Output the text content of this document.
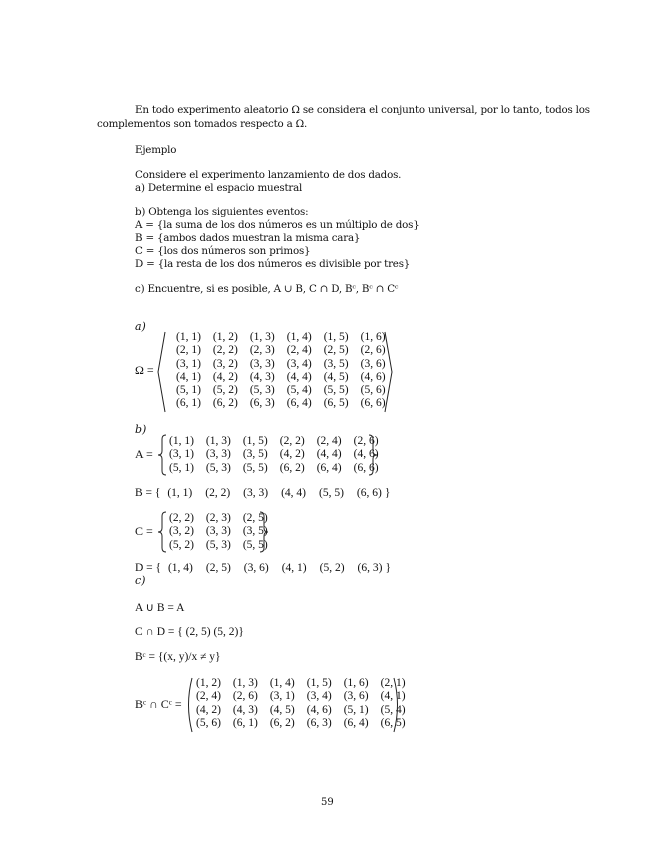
En todo experimento aleatorio Ω se considera el conjunto universal, por lo tanto, todos los
complementos son tomados respecto a Ω.
Ejemplo
Considere el experimento lanzamiento de dos dados.
a) Determine el espacio muestral
b) Obtenga los siguientes eventos:
A = {la suma de los dos números es un múltiplo de dos}
B = {ambos dados muestran la misma cara}
C = {los dos números son primos}
D = {la resta de los dos números es divisible por tres}
c) Encuentre, si es posible, A ∪ B, C ∩ D, Bᶜ, Bᶜ ∩ Cᶜ
a)
Ω =
(1, 1)	(1, 2)	(1, 3)	(1, 4)	(1, 5)	(1, 6)
(2, 1)	(2, 2)	(2, 3)	(2, 4)	(2, 5)	(2, 6)
(3, 1)	(3, 2)	(3, 3)	(3, 4)	(3, 5)	(3, 6)
(4, 1)	(4, 2)	(4, 3)	(4, 4)	(4, 5)	(4, 6)
(5, 1)	(5, 2)	(5, 3)	(5, 4)	(5, 5)	(5, 6)
(6, 1)	(6, 2)	(6, 3)	(6, 4)	(6, 5)	(6, 6)
b)
A =
(1, 1)	(1, 3)	(1, 5)	(2, 2)	(2, 4)	(2, 6)
(3, 1)	(3, 3)	(3, 5)	(4, 2)	(4, 4)	(4, 6)
(5, 1)	(5, 3)	(5, 5)	(6, 2)	(6, 4)	(6, 6)
B = { (1, 1) (2, 2) (3, 3) (4, 4) (5, 5) (6, 6) }
C =
(2, 2)	(2, 3)	(2, 5)
(3, 2)	(3, 3)	(3, 5)
(5, 2)	(5, 3)	(5, 5)
D = { (1, 4) (2, 5) (3, 6) (4, 1) (5, 2) (6, 3) }
c)
A ∪ B = A
C ∩ D = { (2, 5) (5, 2)}
Bᶜ = {(x, y)/x ≠ y}
Bᶜ ∩ Cᶜ =
(1, 2)	(1, 3)	(1, 4)	(1, 5)	(1, 6)	(2, 1)
(2, 4)	(2, 6)	(3, 1)	(3, 4)	(3, 6)	(4, 1)
(4, 2)	(4, 3)	(4, 5)	(4, 6)	(5, 1)	(5, 4)
(5, 6)	(6, 1)	(6, 2)	(6, 3)	(6, 4)	(6, 5)
59
